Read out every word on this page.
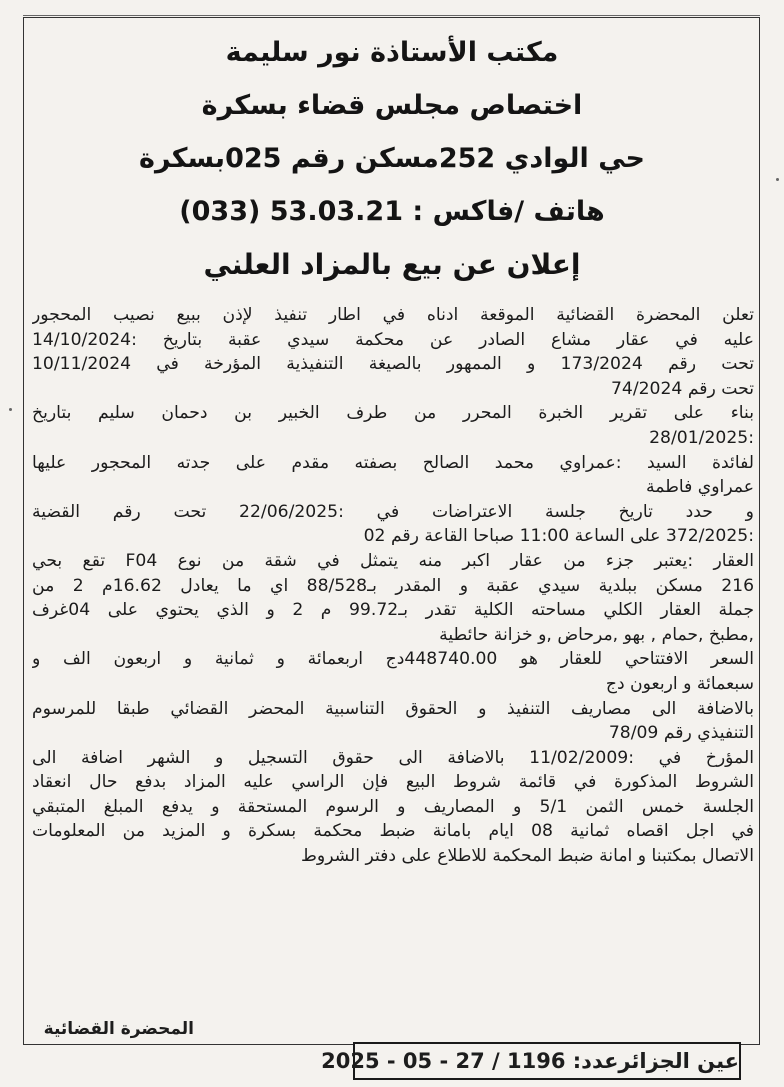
مكتب الأستاذة نور سليمة
اختصاص مجلس قضاء بسكرة
حي الوادي 252مسكن رقم 025بسكرة
هاتف /فاكس : 53.03.21 (033)
إعلان عن بيع بالمزاد العلني
تعلن المحضرة القضائية الموقعة ادناه في اطار تنفيذ لإذن ببيع نصيب المحجور
عليه في عقار مشاع الصادر عن محكمة سيدي عقبة بتاريخ :14/10/2024
تحت رقم 173/2024 و الممهور بالصيغة التنفيذية المؤرخة في 10/11/2024
تحت رقم 74/2024
بناء على تقرير الخبرة المحرر من طرف الخبير بن دحمان سليم بتاريخ
:28/01/2025
لفائدة السيد :عمراوي محمد الصالح بصفته مقدم على جدته المحجور عليها
عمراوي فاطمة
و حدد تاريخ جلسة الاعتراضات في :22/06/2025 تحت رقم القضية
:372/2025 على الساعة 11:00 صباحا القاعة رقم 02
العقار :يعتبر جزء من عقار اكبر منه يتمثل في شقة من نوع F04 تقع بحي
216 مسكن ببلدية سيدي عقبة و المقدر بـ88/528 اي ما يعادل 16.62م 2 من
جملة العقار الكلي مساحته الكلية تقدر بـ99.72 م 2 و الذي يحتوي على 04غرف
,مطبخ ,حمام , بهو ,مرحاض ,و خزانة حائطية
السعر الافتتاحي للعقار هو 448740.00دج اربعمائة و ثمانية و اربعون الف و
سبعمائة و اربعون دج
بالاضافة الى مصاريف التنفيذ و الحقوق التناسبية المحضر القضائي طبقا للمرسوم
التنفيذي رقم 78/09
المؤرخ في :11/02/2009 بالاضافة الى حقوق التسجيل و الشهر اضافة الى
الشروط المذكورة في قائمة شروط البيع فإن الراسي عليه المزاد بدفع حال انعقاد
الجلسة خمس الثمن 5/1 و المصاريف و الرسوم المستحقة و يدفع المبلغ المتبقي
في اجل اقصاه ثمانية 08 ايام بامانة ضبط محكمة بسكرة و المزيد من المعلومات
الاتصال بمكتبنا و امانة ضبط المحكمة للاطلاع على دفتر الشروط
المحضرة القضائية
عين الجزائرعدد: 1196 / 27 - 05 - 2025
